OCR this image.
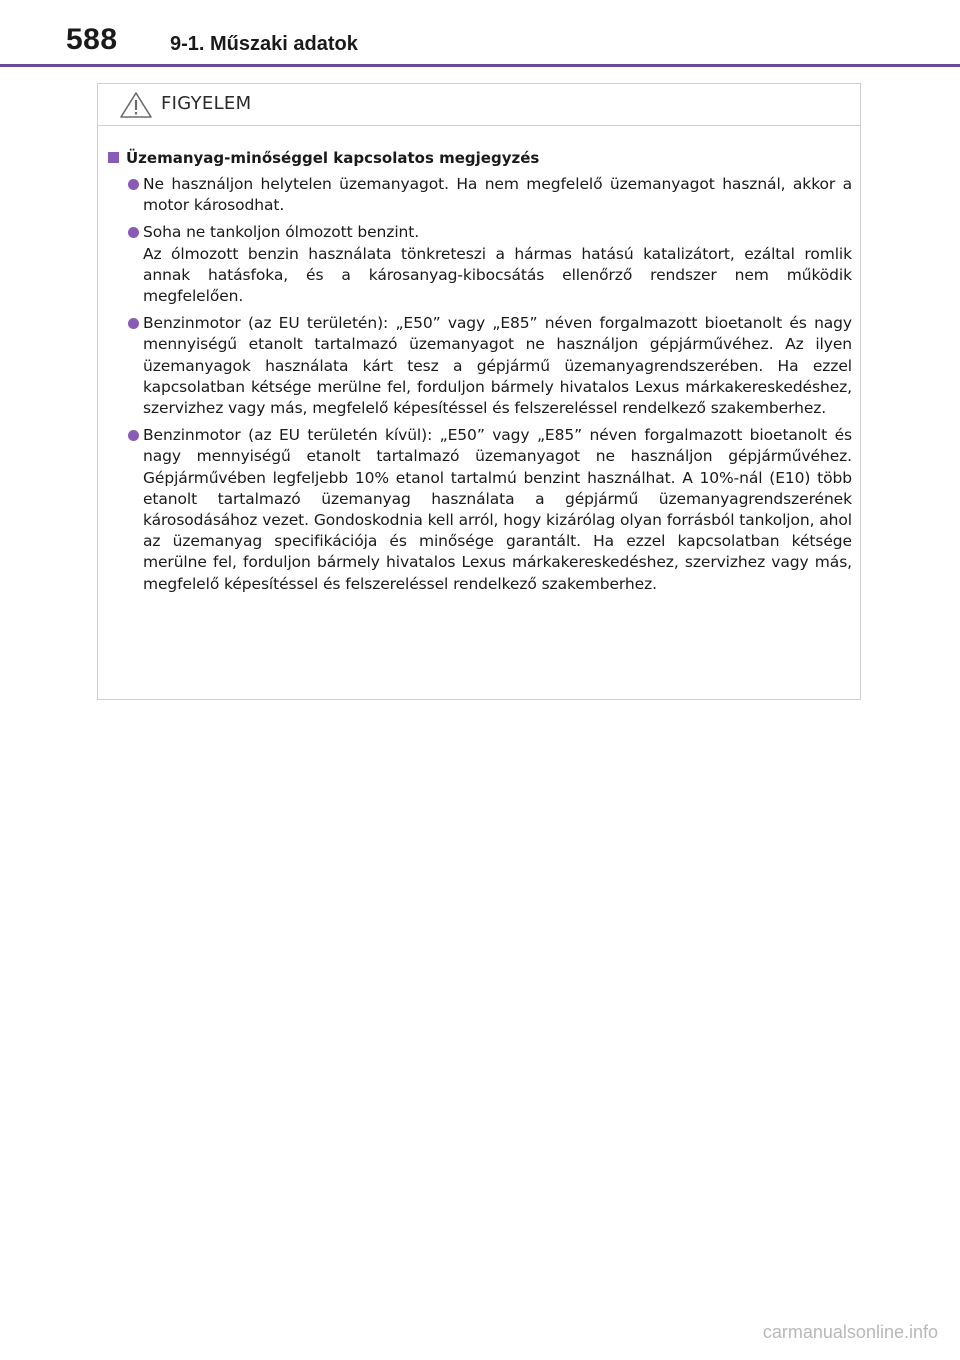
588	9-1. Műszaki adatok
FIGYELEM
Üzemanyag-minőséggel kapcsolatos megjegyzés

Ne használjon helytelen üzemanyagot. Ha nem megfelelő üzemanyagot használ, akkor a motor károsodhat.

Soha ne tankoljon ólmozott benzint.

Az ólmozott benzin használata tönkreteszi a hármas hatású katalizátort, ezáltal romlik annak hatásfoka, és a károsanyag-kibocsátás ellenőrző rendszer nem működik megfelelően.

Benzinmotor (az EU területén): „E50” vagy „E85” néven forgalmazott bioetanolt és nagy mennyiségű etanolt tartalmazó üzemanyagot ne használjon gépjárművéhez. Az ilyen üzemanyagok használata kárt tesz a gépjármű üzemanyagrendszerében. Ha ezzel kapcsolatban kétsége merülne fel, forduljon bármely hivatalos Lexus márkakereskedéshez, szervizhez vagy más, megfelelő képesítéssel és felszereléssel rendelkező szakemberhez.

Benzinmotor (az EU területén kívül): „E50” vagy „E85” néven forgalmazott bioetanolt és nagy mennyiségű etanolt tartalmazó üzemanyagot ne használjon gépjárművéhez. Gépjárművében legfeljebb 10% etanol tartalmú benzint használhat. A 10%-nál (E10) több etanolt tartalmazó üzemanyag használata a gépjármű üzemanyagrendszerének károsodásához vezet. Gondoskodnia kell arról, hogy kizárólag olyan forrásból tankoljon, ahol az üzemanyag specifikációja és minősége garantált. Ha ezzel kapcsolatban kétsége merülne fel, forduljon bármely hivatalos Lexus márkakereskedéshez, szervizhez vagy más, megfelelő képesítéssel és felszereléssel rendelkező szakemberhez.

carmanualsonline.info
